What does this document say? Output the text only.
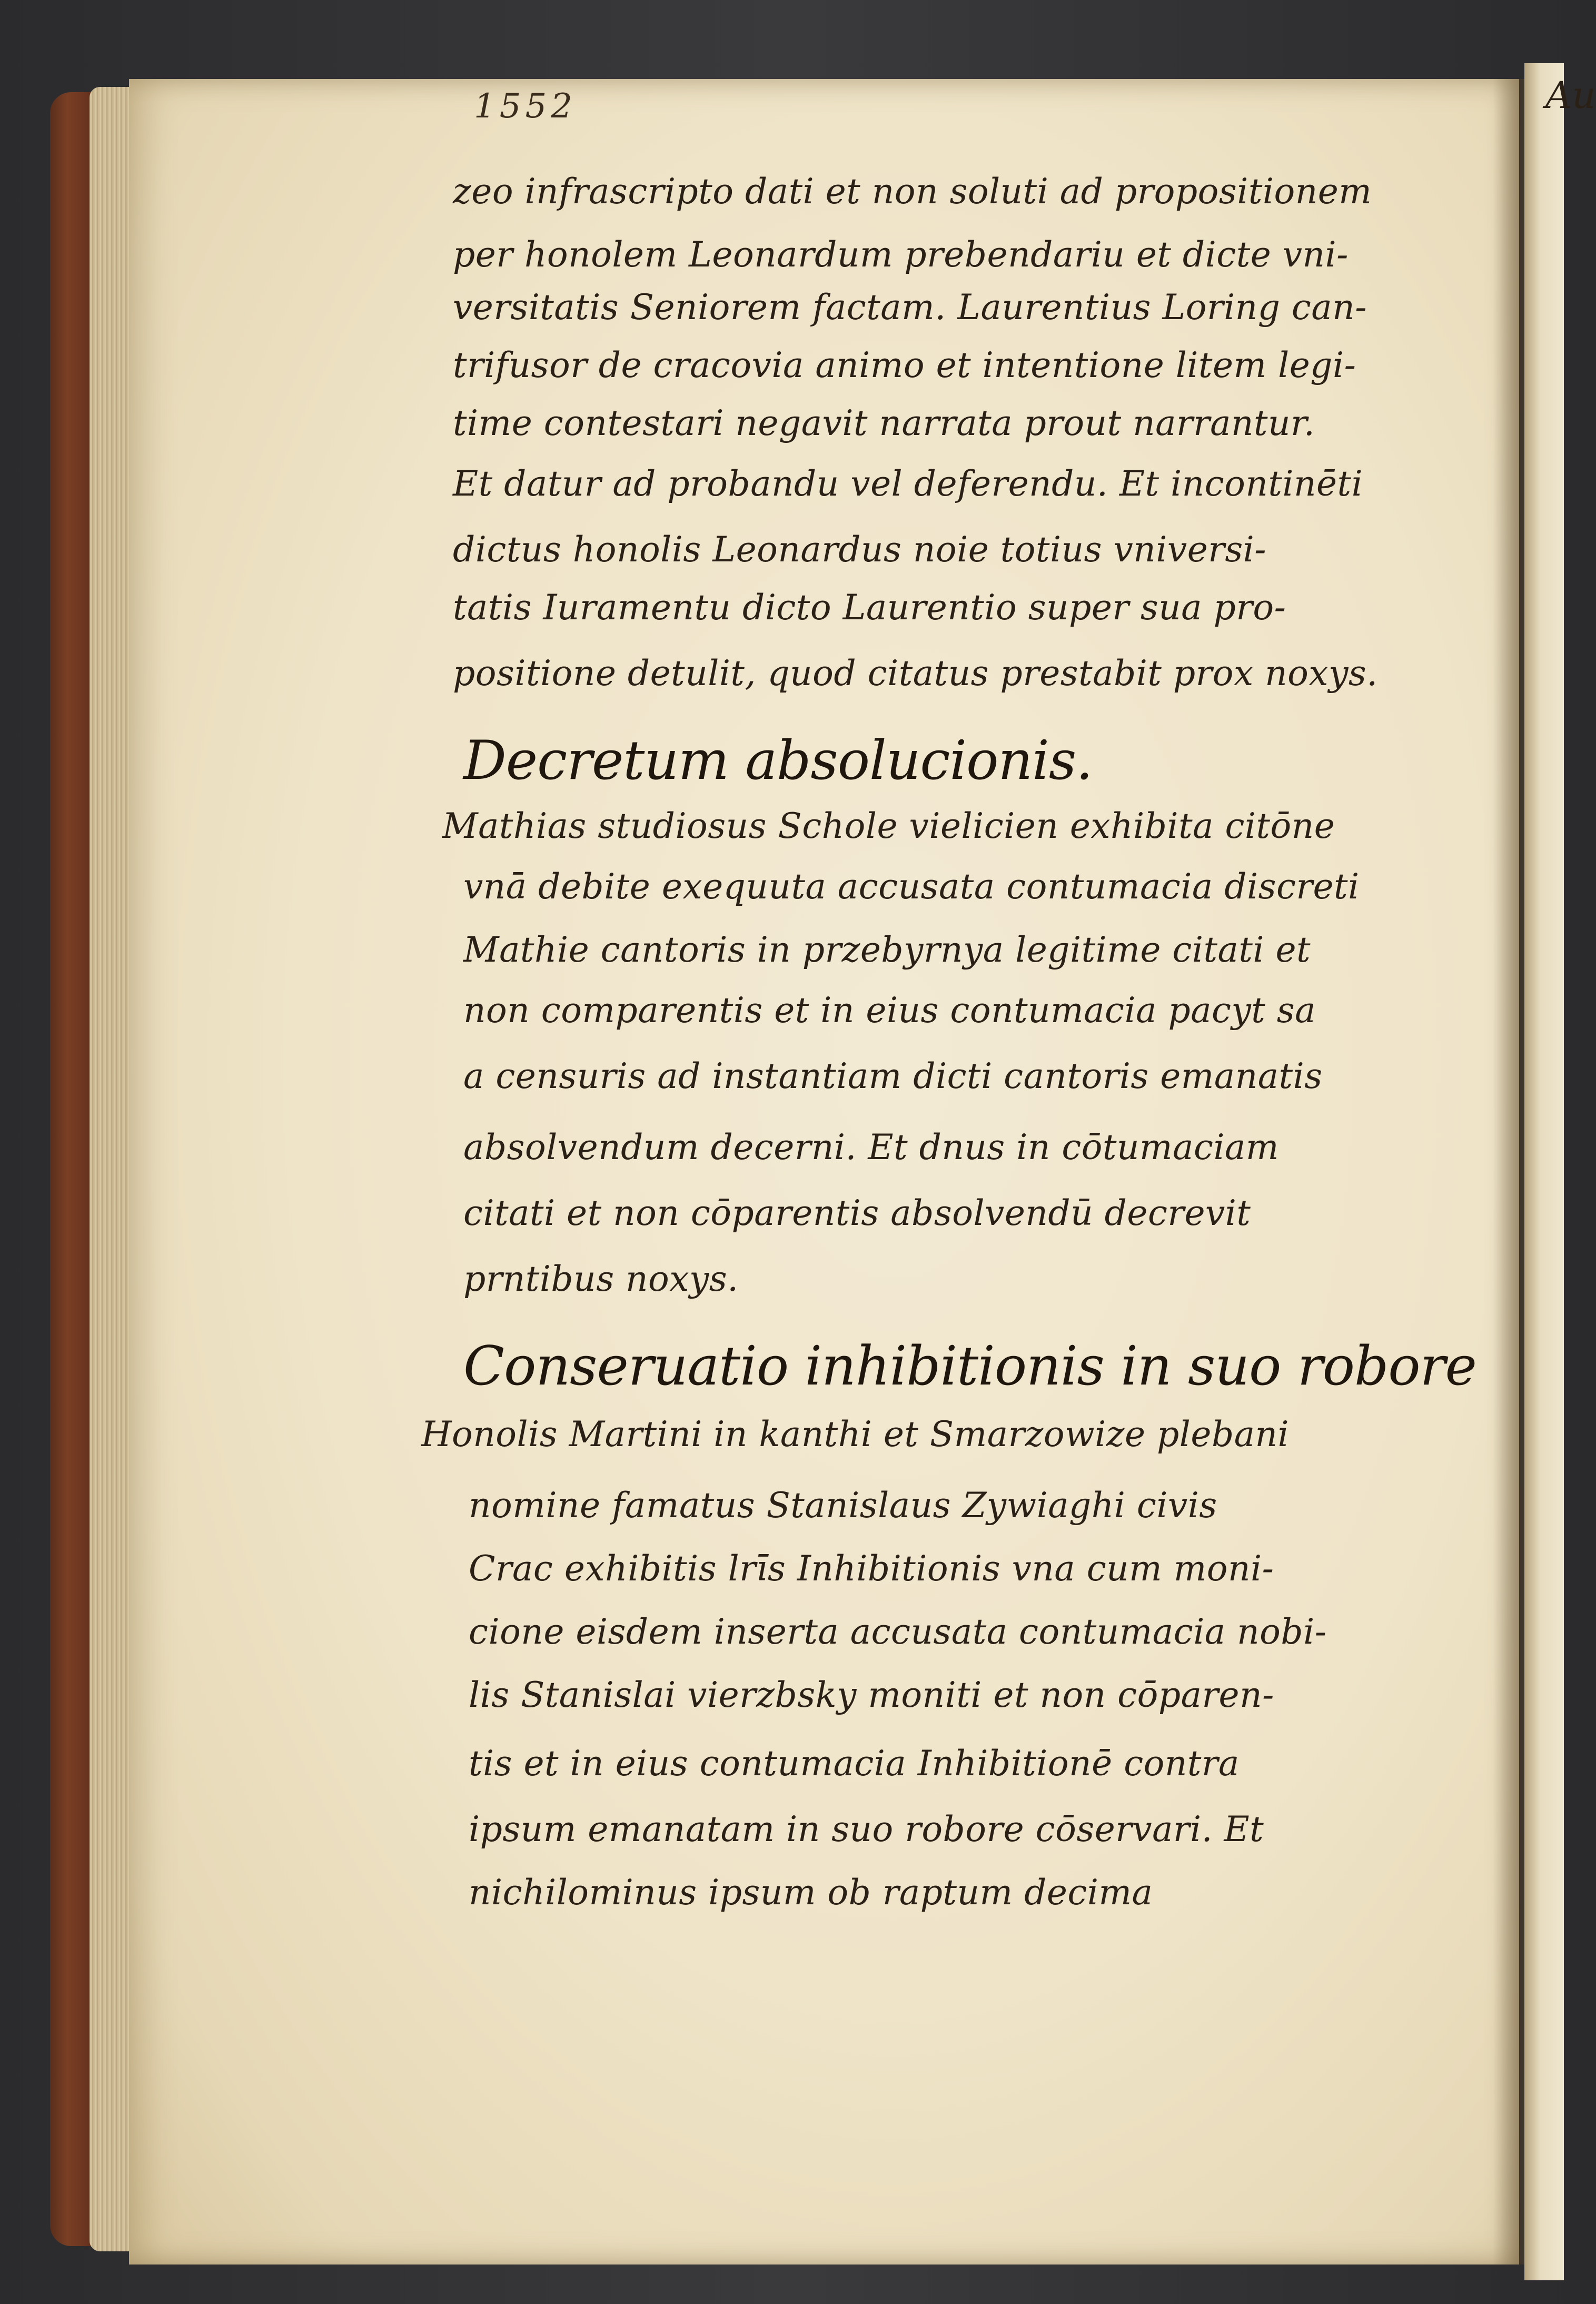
Au
1552
zeo infrascripto dati et non soluti ad propositionem
per honolem Leonardum prebendariu et dicte vni-
versitatis Seniorem factam. Laurentius Loring can-
trifusor de cracovia animo et intentione litem legi-
time contestari negavit narrata prout narrantur.
Et datur ad probandu vel deferendu. Et incontinēti
dictus honolis Leonardus noie totius vniversi-
tatis Iuramentu dicto Laurentio super sua pro-
positione detulit, quod citatus prestabit prox noxys.
Decretum absolucionis.
Mathias studiosus Schole vielicien exhibita citōne
vnā debite exequuta accusata contumacia discreti
Mathie cantoris in przebyrnya legitime citati et
non comparentis et in eius contumacia pacyt sa
a censuris ad instantiam dicti cantoris emanatis
absolvendum decerni. Et dnus in cōtumaciam
citati et non cōparentis absolvendū decrevit
prntibus noxys.
Conseruatio inhibitionis in suo robore
Honolis Martini in kanthi et Smarzowize plebani
nomine famatus Stanislaus Zywiaghi civis
Crac exhibitis lrīs Inhibitionis vna cum moni-
cione eisdem inserta accusata contumacia nobi-
lis Stanislai vierzbsky moniti et non cōparen-
tis et in eius contumacia Inhibitionē contra
ipsum emanatam in suo robore cōservari. Et
nichilominus ipsum ob raptum decima
